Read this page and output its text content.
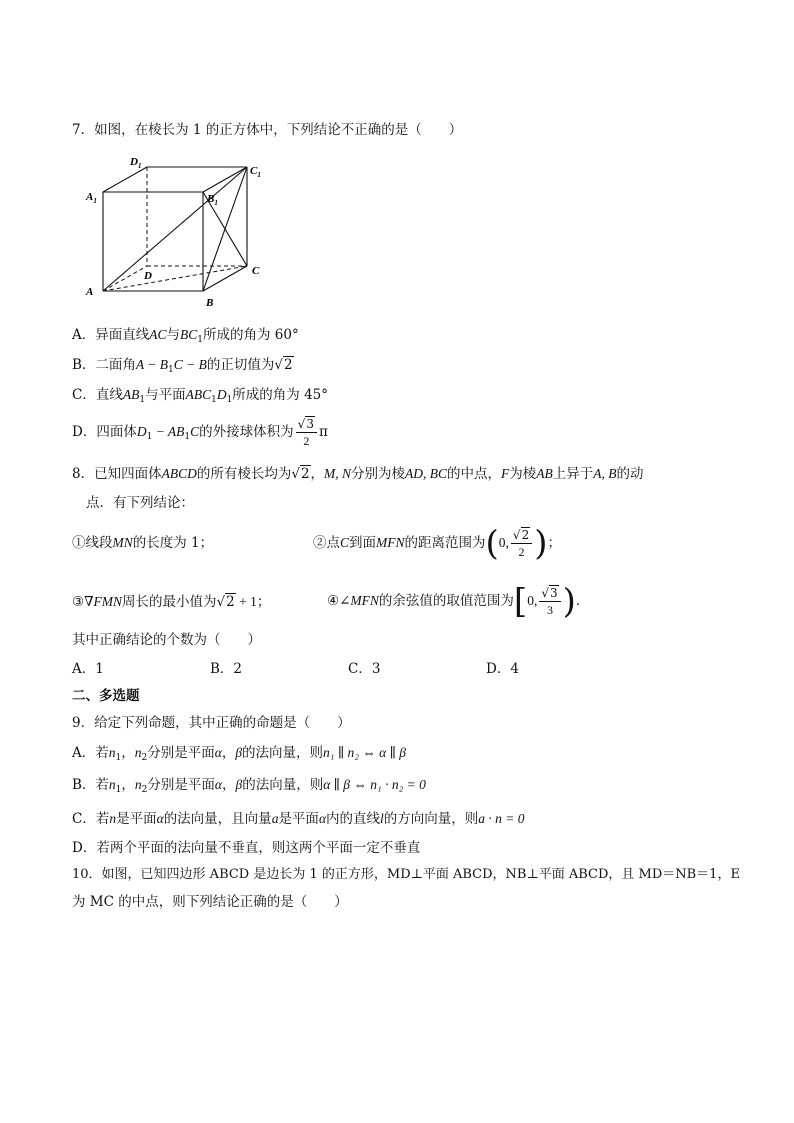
7．如图，在棱长为 1 的正方体中，下列结论不正确的是（　　）
$D_1$	$C_1$
$A_1$	$B_1$
D	C
A
B
A．异面直线AC与$BC_1$所成的角为 60°
B．二面角$A - B_1C - B$的正切值为√2
C．直线$AB_1$与平面$ABC_1D_1$所成的角为 45°
D．四面体$D_1 - AB_1C$的外接球体积为 $\frac{√3}{2}$ π
8．已知四面体ABCD的所有棱长均为√2，M, N分别为棱AD, BC的中点，F为棱AB上异于A, B的动
点．有下列结论：
①线段MN的长度为 1；	②点C到面MFN的距离范围为(0, $\frac{√2}{2}$ )；
③∇FMN周长的最小值为√2 + 1；	④∠MFN的余弦值的取值范围为[0, $\frac{√3}{3}$ )．
其中正确结论的个数为（　　）
A．1	B．2	C．3	D．4
二、多选题
9．给定下列命题，其中正确的命题是（　　）
A．若$n_1$，$n_2$分别是平面α，β的法向量，则n₁ ∥ n₂ ⇔ α ∥ β
B．若$n_1$，$n_2$分别是平面α，β的法向量，则α ∥ β ⇔ n₁ · n₂ = 0
C．若n是平面α的法向量，且向量a是平面α内的直线l的方向向量，则a · n = 0
D．若两个平面的法向量不垂直，则这两个平面一定不垂直
10．如图，已知四边形 ABCD 是边长为 1 的正方形，MD⊥平面 ABCD，NB⊥平面 ABCD，且 MD＝NB＝1，E
为 MC 的中点，则下列结论正确的是（　　）
